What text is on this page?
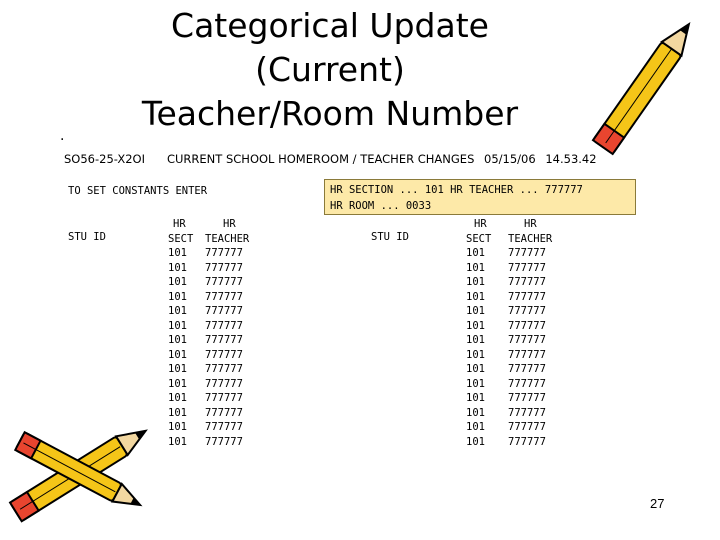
Categorical Update
(Current)
Teacher/Room Number
.
SO56-25-X2OI CURRENT SCHOOL HOMEROOM / TEACHER CHANGES 05/15/06 14.53.42
TO SET CONSTANTS ENTER	HR SECTION ... 101 HR TEACHER ... 777777
HR ROOM ... 0033
STU ID
HR
SECT
101
101
101
101
101
101
101
101
101
101
101
101
101
101
HR
TEACHER
777777
777777
777777
777777
777777
777777
777777
777777
777777
777777
777777
777777
777777
777777
STU ID
HR
SECT
101
101
101
101
101
101
101
101
101
101
101
101
101
101
HR
TEACHER
777777
777777
777777
777777
777777
777777
777777
777777
777777
777777
777777
777777
777777
777777
27
